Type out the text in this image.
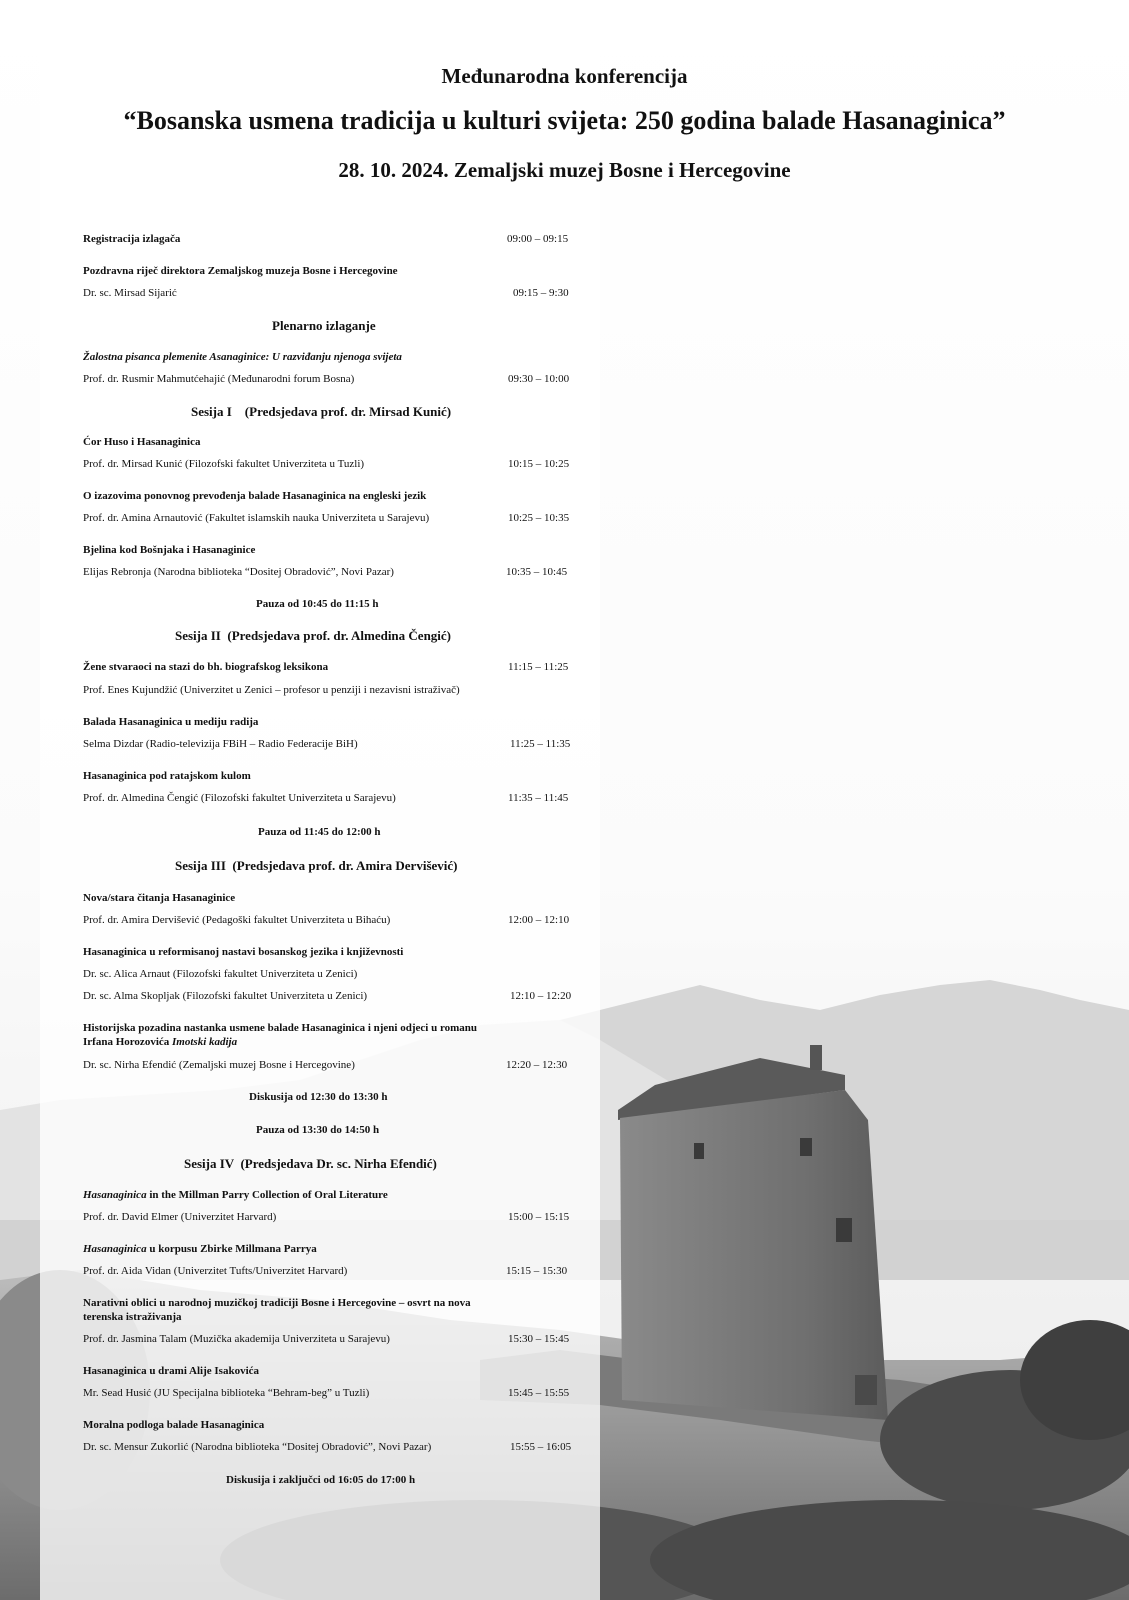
Međunarodna konferencija
“Bosanska usmena tradicija u kulturi svijeta: 250 godina balade Hasanaginica”
28. 10. 2024. Zemaljski muzej Bosne i Hercegovine
Registracija izlagača	09:00 – 09:15
Pozdravna riječ direktora Zemaljskog muzeja Bosne i Hercegovine
Dr. sc. Mirsad Sijarić	09:15 – 9:30
Plenarno izlaganje
Žalostna pisanca plemenite Asanaginice: U razviđanju njenoga svijeta
Prof. dr. Rusmir Mahmutćehajić (Međunarodni forum Bosna)	09:30 – 10:00
Sesija I    (Predsjedava prof. dr. Mirsad Kunić)
Ćor Huso i Hasanaginica
Prof. dr. Mirsad Kunić (Filozofski fakultet Univerziteta u Tuzli)	10:15 – 10:25
O izazovima ponovnog prevođenja balade Hasanaginica na engleski jezik
Prof. dr. Amina Arnautović (Fakultet islamskih nauka Univerziteta u Sarajevu)	10:25 – 10:35
Bjelina kod Bošnjaka i Hasanaginice
Elijas Rebronja (Narodna biblioteka “Dositej Obradović”, Novi Pazar)	10:35 – 10:45
Pauza od 10:45 do 11:15 h
Sesija II  (Predsjedava prof. dr. Almedina Čengić)
Žene stvaraoci na stazi do bh. biografskog leksikona	11:15 – 11:25
Prof. Enes Kujundžić (Univerzitet u Zenici – profesor u penziji i nezavisni istraživač)
Balada Hasanaginica u mediju radija
Selma Dizdar (Radio-televizija FBiH – Radio Federacije BiH)	11:25 – 11:35
Hasanaginica pod ratajskom kulom
Prof. dr. Almedina Čengić (Filozofski fakultet Univerziteta u Sarajevu)	11:35 – 11:45
Pauza od 11:45 do 12:00 h
Sesija III  (Predsjedava prof. dr. Amira Dervišević)
Nova/stara čitanja Hasanaginice
Prof. dr. Amira Dervišević (Pedagoški fakultet Univerziteta u Bihaću)	12:00 – 12:10
Hasanaginica u reformisanoj nastavi bosanskog jezika i književnosti
Dr. sc. Alica Arnaut (Filozofski fakultet Univerziteta u Zenici)
Dr. sc. Alma Skopljak (Filozofski fakultet Univerziteta u Zenici)	12:10 – 12:20
Historijska pozadina nastanka usmene balade Hasanaginica i njeni odjeci u romanu
Irfana Horozovića Imotski kadija
Dr. sc. Nirha Efendić (Zemaljski muzej Bosne i Hercegovine)	12:20 – 12:30
Diskusija od 12:30 do 13:30 h
Pauza od 13:30 do 14:50 h
Sesija IV  (Predsjedava Dr. sc. Nirha Efendić)
Hasanaginica in the Millman Parry Collection of Oral Literature
Prof. dr. David Elmer (Univerzitet Harvard)	15:00 – 15:15
Hasanaginica u korpusu Zbirke Millmana Parrya
Prof. dr. Aida Vidan (Univerzitet Tufts/Univerzitet Harvard)	15:15 – 15:30
Narativni oblici u narodnoj muzičkoj tradiciji Bosne i Hercegovine – osvrt na nova
terenska istraživanja
Prof. dr. Jasmina Talam (Muzička akademija Univerziteta u Sarajevu)	15:30 – 15:45
Hasanaginica u drami Alije Isakovića
Mr. Sead Husić (JU Specijalna biblioteka “Behram-beg” u Tuzli)	15:45 – 15:55
Moralna podloga balade Hasanaginica
Dr. sc. Mensur Zukorlić (Narodna biblioteka “Dositej Obradović”, Novi Pazar)	15:55 – 16:05
Diskusija i zaključci od 16:05 do 17:00 h
